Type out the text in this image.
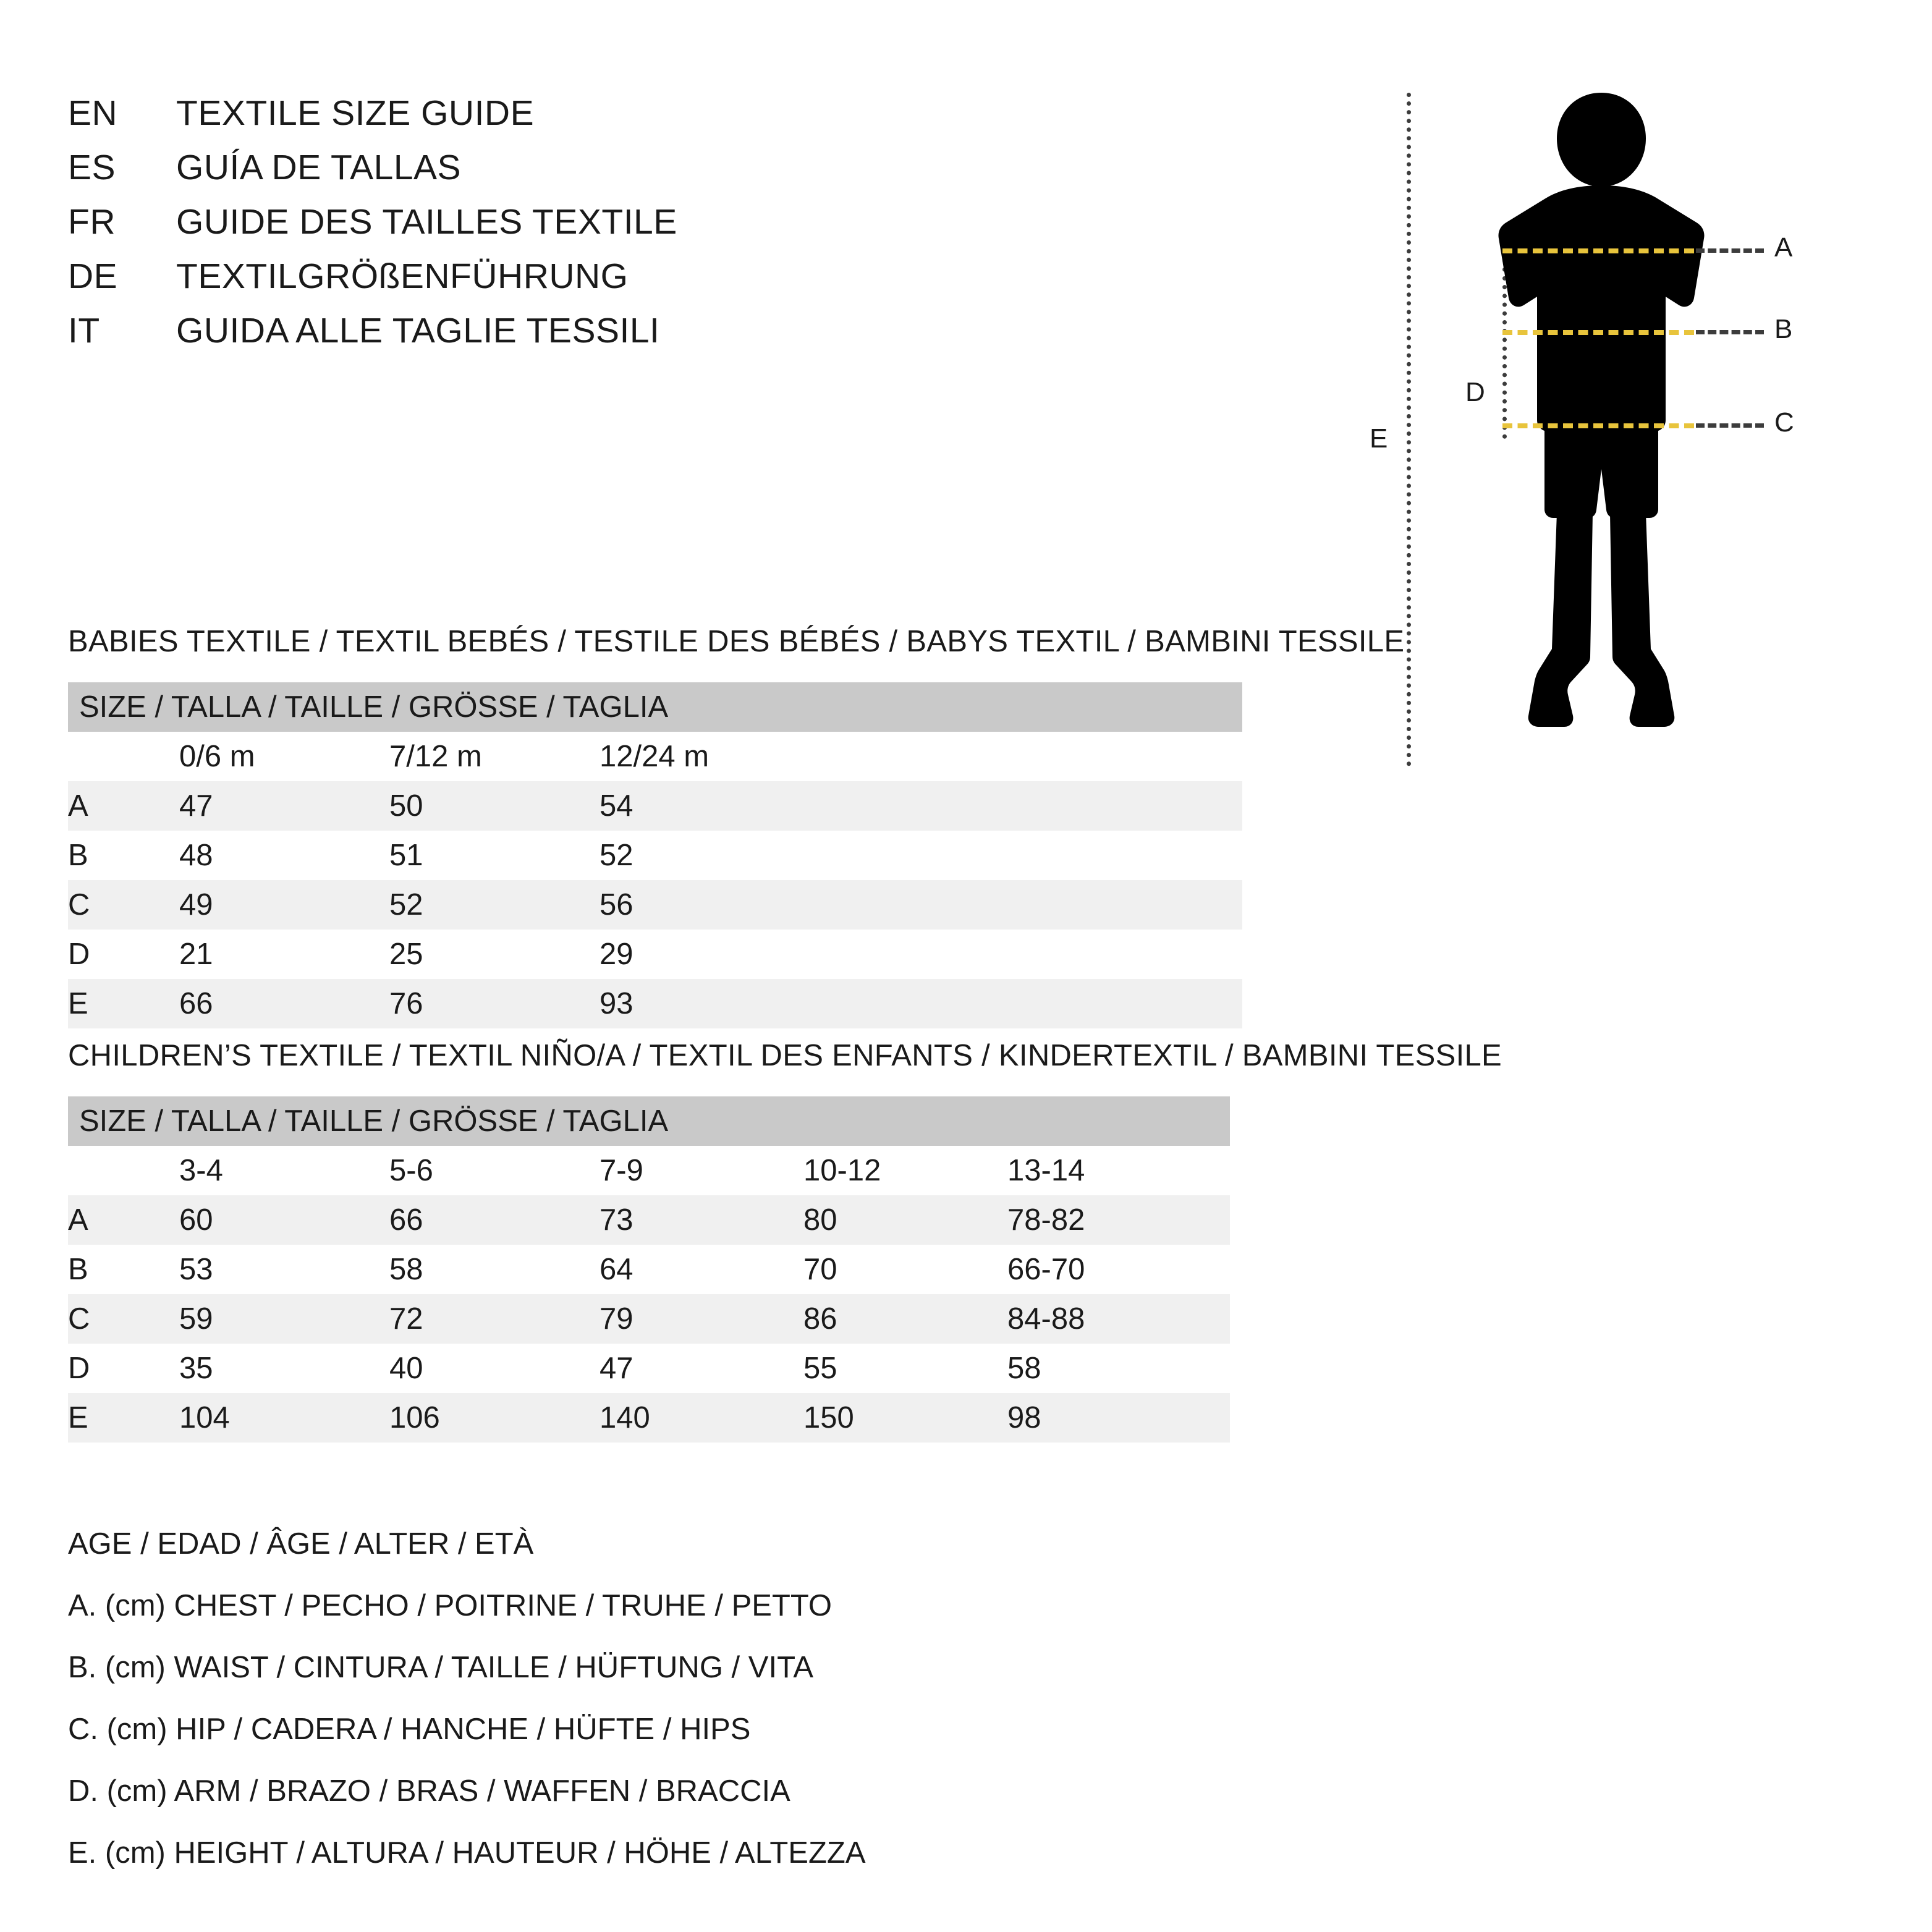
EN	TEXTILE SIZE GUIDE
ES	GUÍA DE TALLAS
FR	GUIDE DES TAILLES TEXTILE
DE	TEXTILGRÖßENFÜHRUNG
IT	GUIDA ALLE TAGLIE TESSILI
E
D
A
B
C
BABIES TEXTILE / TEXTIL BEBÉS / TESTILE DES BÉBÉS / BABYS TEXTIL / BAMBINI TESSILE
SIZE / TALLA / TAILLE / GRÖSSE / TAGLIA			
	0/6 m	7/12 m	12/24 m
A	47	50	54
B	48	51	52
C	49	52	56
D	21	25	29
E	66	76	93
CHILDREN’S TEXTILE / TEXTIL NIÑO/A / TEXTIL DES ENFANTS / KINDERTEXTIL / BAMBINI TESSILE
SIZE / TALLA / TAILLE / GRÖSSE / TAGLIA					
	3-4	5-6	7-9	10-12	13-14
A	60	66	73	80	78-82
B	53	58	64	70	66-70
C	59	72	79	86	84-88
D	35	40	47	55	58
E	104	106	140	150	98
AGE / EDAD / ÂGE / ALTER / ETÀ
A. (cm) CHEST / PECHO / POITRINE / TRUHE / PETTO
B. (cm) WAIST / CINTURA / TAILLE / HÜFTUNG / VITA
C. (cm) HIP / CADERA / HANCHE / HÜFTE / HIPS
D. (cm) ARM / BRAZO / BRAS / WAFFEN / BRACCIA
E. (cm) HEIGHT / ALTURA / HAUTEUR / HÖHE / ALTEZZA
